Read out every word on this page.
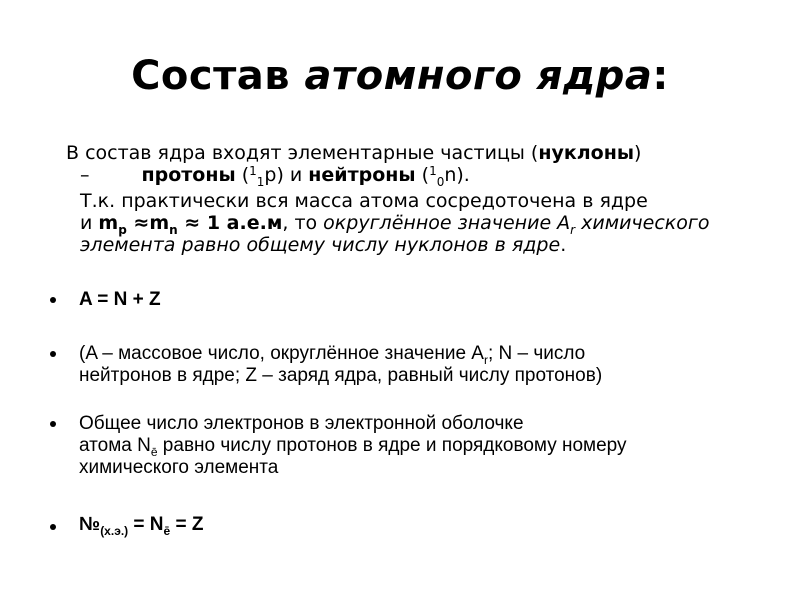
Состав атомного ядра:
В состав ядра входят элементарные частицы (нуклоны)
–	протоны ($^1_1$p) и нейтроны ($^1_0$n).
Т.к. практически вся масса атома сосредоточена в ядре
и $m_p \approx m_n \approx 1$ а.е.м, то округлённое значение $A_r$ химического
элемента равно общему числу нуклонов в ядре.
A = N + Z
(A – массовое число, округлённое значение $A_r$; N – число
нейтронов в ядре; Z – заряд ядра, равный числу протонов)
Общее число электронов в электронной оболочке
атома $N_ē$ равно числу протонов в ядре и порядковому номеру
химического элемента
$№_{(х.э.)} = N_ē = Z$
